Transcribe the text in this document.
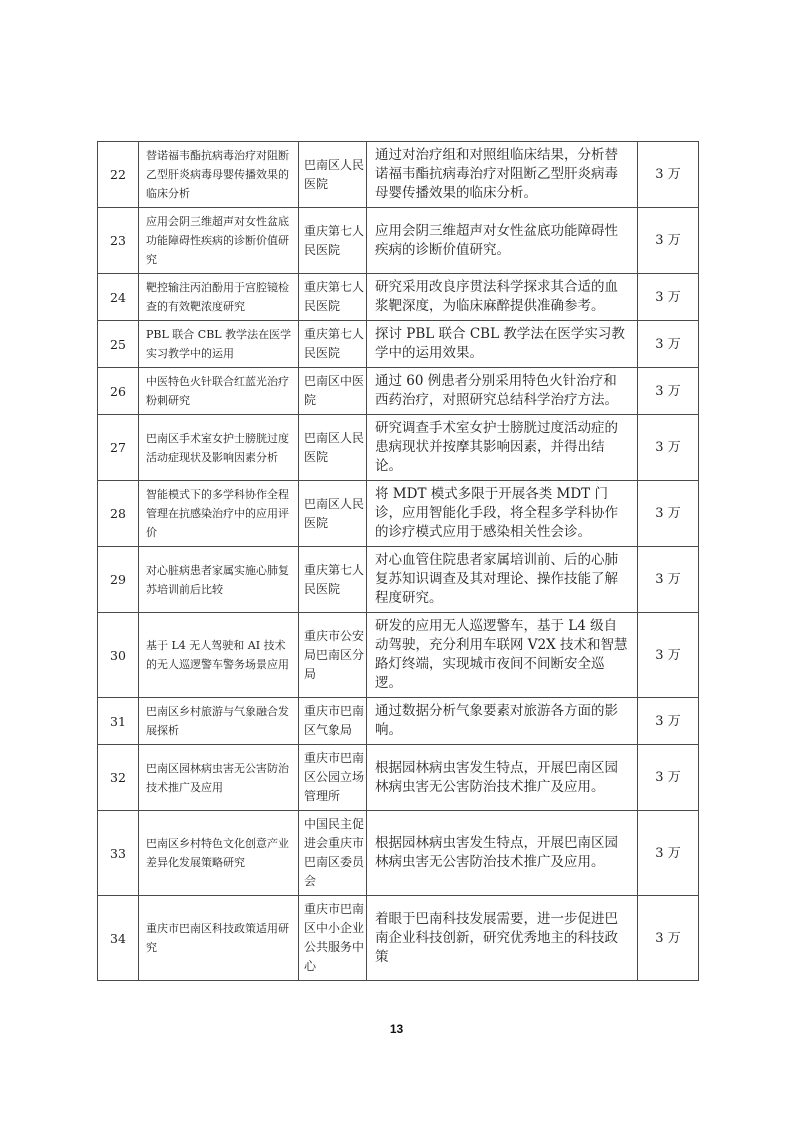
22	替诺福韦酯抗病毒治疗对阻断乙型肝炎病毒母婴传播效果的临床分析	巴南区人民医院	通过对治疗组和对照组临床结果，分析替诺福韦酯抗病毒治疗对阻断乙型肝炎病毒母婴传播效果的临床分析。	3 万
23	应用会阴三维超声对女性盆底功能障碍性疾病的诊断价值研究	重庆第七人民医院	应用会阴三维超声对女性盆底功能障碍性疾病的诊断价值研究。	3 万
24	靶控输注丙泊酚用于宫腔镜检查的有效靶浓度研究	重庆第七人民医院	研究采用改良序贯法科学探求其合适的血浆靶深度，为临床麻醉提供准确参考。	3 万
25	PBL 联合 CBL 教学法在医学实习教学中的运用	重庆第七人民医院	探讨 PBL 联合 CBL 教学法在医学实习教学中的运用效果。	3 万
26	中医特色火针联合红蓝光治疗粉刺研究	巴南区中医院	通过 60 例患者分别采用特色火针治疗和西药治疗，对照研究总结科学治疗方法。	3 万
27	巴南区手术室女护士膀胱过度活动症现状及影响因素分析	巴南区人民医院	研究调查手术室女护士膀胱过度活动症的患病现状并按摩其影响因素，并得出结论。	3 万
28	智能模式下的多学科协作全程管理在抗感染治疗中的应用评价	巴南区人民医院	将 MDT 模式多限于开展各类 MDT 门诊，应用智能化手段，将全程多学科协作的诊疗模式应用于感染相关性会诊。	3 万
29	对心脏病患者家属实施心肺复苏培训前后比较	重庆第七人民医院	对心血管住院患者家属培训前、后的心肺复苏知识调查及其对理论、操作技能了解程度研究。	3 万
30	基于 L4 无人驾驶和 AI 技术的无人巡逻警车警务场景应用	重庆市公安局巴南区分局	研发的应用无人巡逻警车，基于 L4 级自动驾驶，充分利用车联网 V2X 技术和智慧路灯终端，实现城市夜间不间断安全巡逻。	3 万
31	巴南区乡村旅游与气象融合发展探析	重庆市巴南区气象局	通过数据分析气象要素对旅游各方面的影响。	3 万
32	巴南区园林病虫害无公害防治技术推广及应用	重庆市巴南区公园立场管理所	根据园林病虫害发生特点，开展巴南区园林病虫害无公害防治技术推广及应用。	3 万
33	巴南区乡村特色文化创意产业差异化发展策略研究	中国民主促进会重庆市巴南区委员会	根据园林病虫害发生特点，开展巴南区园林病虫害无公害防治技术推广及应用。	3 万
34	重庆市巴南区科技政策适用研究	重庆市巴南区中小企业公共服务中心	着眼于巴南科技发展需要，进一步促进巴南企业科技创新，研究优秀地主的科技政策	3 万
13
